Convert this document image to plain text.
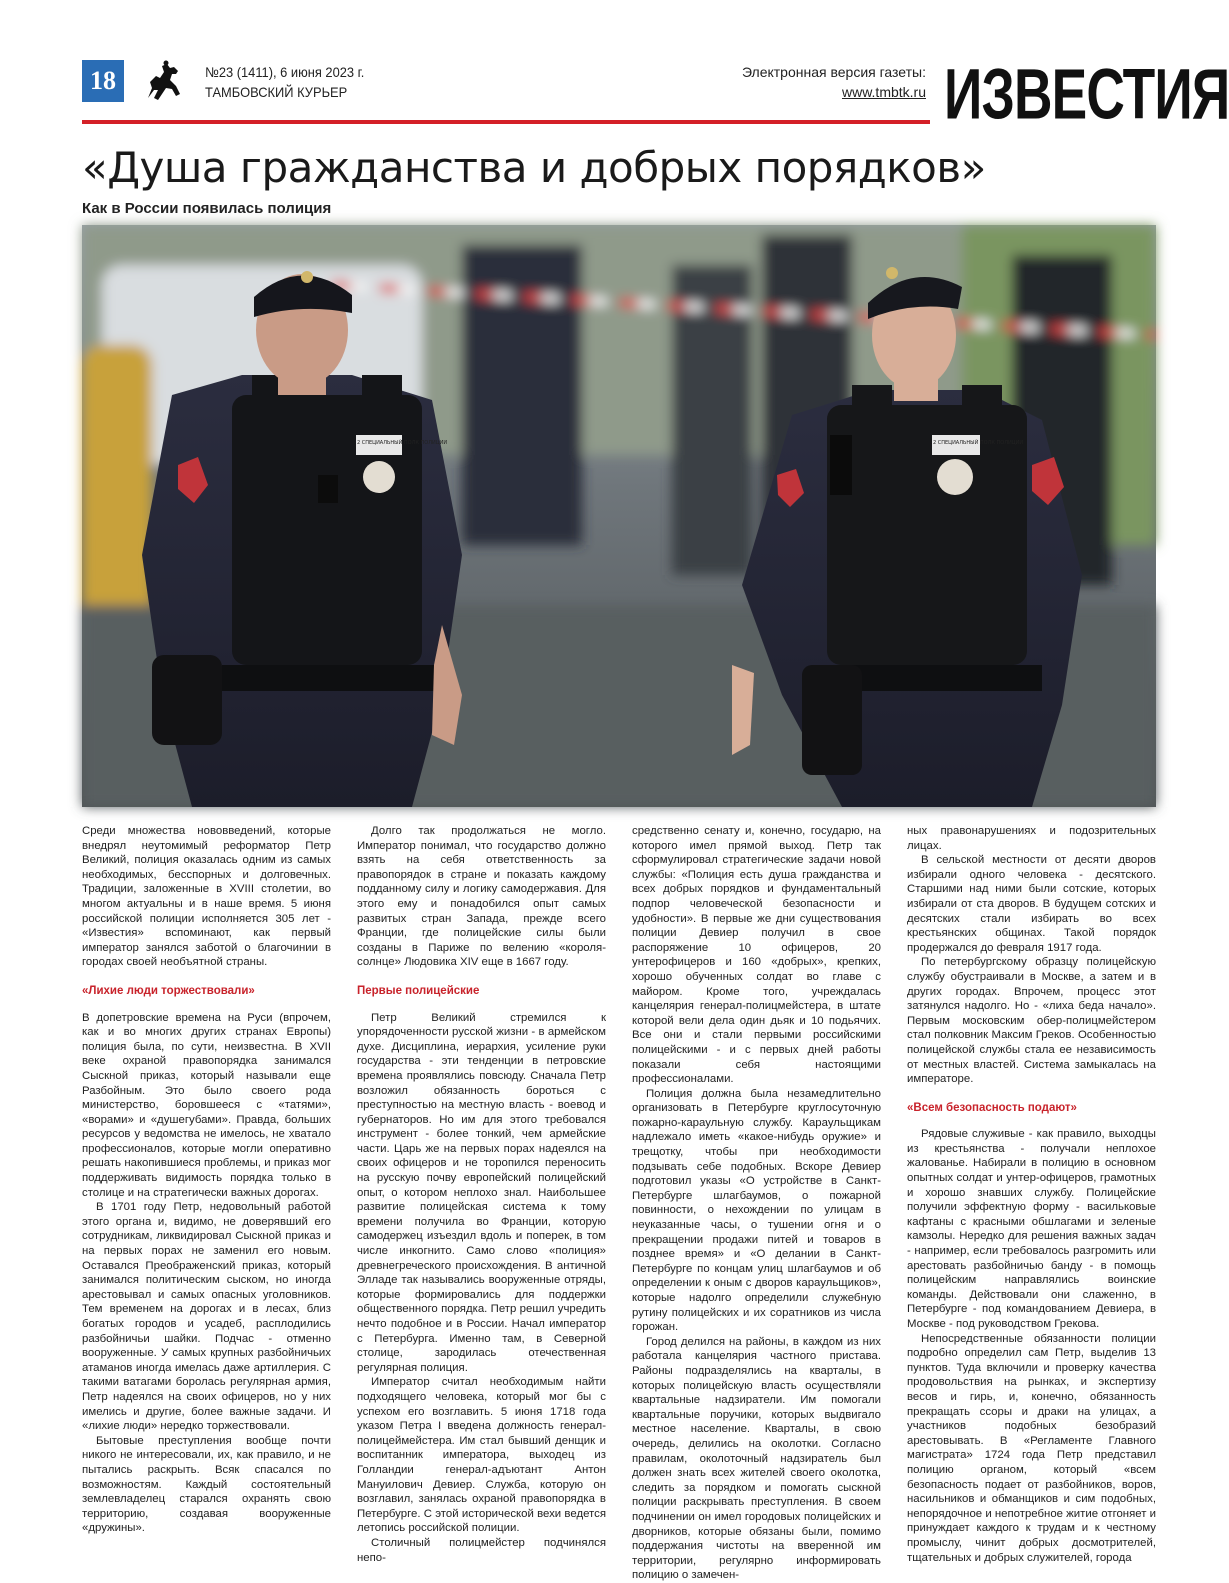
18	№23 (1411), 6 июня 2023 г.
ТАМБОВСКИЙ КУРЬЕР
Электронная версия газеты:
www.tmbtk.ru ИЗВЕСТИЯ
«Душа гражданства и добрых порядков»
Как в России появилась полиция
2 СПЕЦИАЛЬНЫЙ ПОЛК ПОЛИЦИИ	2 СПЕЦИАЛЬНЫЙ ПОЛК ПОЛИЦИИ

Среди множества нововведений, которые внедрял неутомимый реформатор Петр Великий, полиция оказалась одним из самых необходимых, бесспорных и долговечных. Традиции, заложенные в XVIII столетии, во многом актуальны и в наше время. 5 июня российской полиции исполняется 305 лет - «Известия» вспоминают, как первый император занялся заботой о благочинии в городах своей необъятной страны.

«Лихие люди торжествовали»

В допетровские времена на Руси (впрочем, как и во многих других странах Европы) полиция была, по сути, неизвестна. В XVII веке охраной правопорядка занимался Сыскной приказ, который называли еще Разбойным. Это было своего рода министерство, боровшееся с «татями», «ворами» и «душегубами». Правда, больших ресурсов у ведомства не имелось, не хватало профессионалов, которые могли оперативно решать накопившиеся проблемы, и приказ мог поддерживать видимость порядка только в столице и на стратегически важных дорогах.

В 1701 году Петр, недовольный работой этого органа и, видимо, не доверявший его сотрудникам, ликвидировал Сыскной приказ и на первых порах не заменил его новым. Оставался Преображенский приказ, который занимался политическим сыском, но иногда арестовывал и самых опасных уголовников. Тем временем на дорогах и в лесах, близ богатых городов и усадеб, расплодились разбойничьи шайки. Подчас - отменно вооруженные. У самых крупных разбойничьих атаманов иногда имелась даже артиллерия. С такими ватагами боролась регулярная армия, Петр надеялся на своих офицеров, но у них имелись и другие, более важные задачи. И «лихие люди» нередко торжествовали.

Бытовые преступления вообще почти никого не интересовали, их, как правило, и не пытались раскрыть. Всяк спасался по возможностям. Каждый состоятельный землевладелец старался охранять свою территорию, создавая вооруженные «дружины».

Долго так продолжаться не могло. Император понимал, что государство должно взять на себя ответственность за правопорядок в стране и показать каждому подданному силу и логику самодержавия. Для этого ему и понадобился опыт самых развитых стран Запада, прежде всего Франции, где полицейские силы были созданы в Париже по велению «короля-солнце» Людовика XIV еще в 1667 году.

Первые полицейские

Петр Великий стремился к упорядоченности русской жизни - в армейском духе. Дисциплина, иерархия, усиление руки государства - эти тенденции в петровские времена проявлялись повсюду. Сначала Петр возложил обязанность бороться с преступностью на местную власть - воевод и губернаторов. Но им для этого требовался инструмент - более тонкий, чем армейские части. Царь же на первых порах надеялся на своих офицеров и не торопился переносить на русскую почву европейский полицейский опыт, о котором неплохо знал. Наибольшее развитие полицейская система к тому времени получила во Франции, которую самодержец изъездил вдоль и поперек, в том числе инкогнито. Само слово «полиция» древнегреческого происхождения. В античной Элладе так назывались вооруженные отряды, которые формировались для поддержки общественного порядка. Петр решил учредить нечто подобное и в России. Начал император с Петербурга. Именно там, в Северной столице, зародилась отечественная регулярная полиция.

Император считал необходимым найти подходящего человека, который мог бы с успехом его возглавить. 5 июня 1718 года указом Петра I введена должность генерал-полицеймейстера. Им стал бывший денщик и воспитанник императора, выходец из Голландии генерал-адъютант Антон Мануилович Девиер. Служба, которую он возглавил, занялась охраной правопорядка в Петербурге. С этой исторической вехи ведется летопись российской полиции.

Столичный полицмейстер подчинялся непо-

средственно сенату и, конечно, государю, на которого имел прямой выход. Петр так сформулировал стратегические задачи новой службы: «Полиция есть душа гражданства и всех добрых порядков и фундаментальный подпор человеческой безопасности и удобности». В первые же дни существования полиции Девиер получил в свое распоряжение 10 офицеров, 20 унтерофицеров и 160 «добрых», крепких, хорошо обученных солдат во главе с майором. Кроме того, учреждалась канцелярия генерал-полицмейстера, в штате которой вели дела один дьяк и 10 подьячих. Все они и стали первыми российскими полицейскими - и с первых дней работы показали себя настоящими профессионалами.

Полиция должна была незамедлительно организовать в Петербурге круглосуточную пожарно-караульную службу. Караульщикам надлежало иметь «какое-нибудь оружие» и трещотку, чтобы при необходимости подзывать себе подобных. Вскоре Девиер подготовил указы «О устройстве в Санкт-Петербурге шлагбаумов, о пожарной повинности, о нехождении по улицам в неуказанные часы, о тушении огня и о прекращении продажи питей и товаров в позднее время» и «О делании в Санкт-Петербурге по концам улиц шлагбаумов и об определении к оным с дворов караульщиков», которые надолго определили служебную рутину полицейских и их соратников из числа горожан.

Город делился на районы, в каждом из них работала канцелярия частного пристава. Районы подразделялись на кварталы, в которых полицейскую власть осуществляли квартальные надзиратели. Им помогали квартальные поручики, которых выдвигало местное население. Кварталы, в свою очередь, делились на околотки. Согласно правилам, околоточный надзиратель был должен знать всех жителей своего околотка, следить за порядком и помогать сыскной полиции раскрывать преступления. В своем подчинении он имел городовых полицейских и дворников, которые обязаны были, помимо поддержания чистоты на вверенной им территории, регулярно информировать полицию о замечен-

ных правонарушениях и подозрительных лицах.

В сельской местности от десяти дворов избирали одного человека - десятского. Старшими над ними были сотские, которых избирали от ста дворов. В будущем сотских и десятских стали избирать во всех крестьянских общинах. Такой порядок продержался до февраля 1917 года.

По петербургскому образцу полицейскую службу обустраивали в Москве, а затем и в других городах. Впрочем, процесс этот затянулся надолго. Но - «лиха беда начало». Первым московским обер-полицмейстером стал полковник Максим Греков. Особенностью полицейской службы стала ее независимость от местных властей. Система замыкалась на императоре.

«Всем безопасность подают»

Рядовые служивые - как правило, выходцы из крестьянства - получали неплохое жалованье. Набирали в полицию в основном опытных солдат и унтер-офицеров, грамотных и хорошо знавших службу. Полицейские получили эффектную форму - васильковые кафтаны с красными обшлагами и зеленые камзолы. Нередко для решения важных задач - например, если требовалось разгромить или арестовать разбойничью банду - в помощь полицейским направлялись воинские команды. Действовали они слаженно, в Петербурге - под командованием Девиера, в Москве - под руководством Грекова.

Непосредственные обязанности полиции подробно определил сам Петр, выделив 13 пунктов. Туда включили и проверку качества продовольствия на рынках, и экспертизу весов и гирь, и, конечно, обязанность прекращать ссоры и драки на улицах, а участников подобных безобразий арестовывать. В «Регламенте Главного магистрата» 1724 года Петр представил полицию органом, который «всем безопасность подает от разбойников, воров, насильников и обманщиков и сим подобных, непорядочное и непотребное житие отгоняет и принуждает каждого к трудам и к честному промыслу, чинит добрых досмотрителей, тщательных и добрых служителей, города
